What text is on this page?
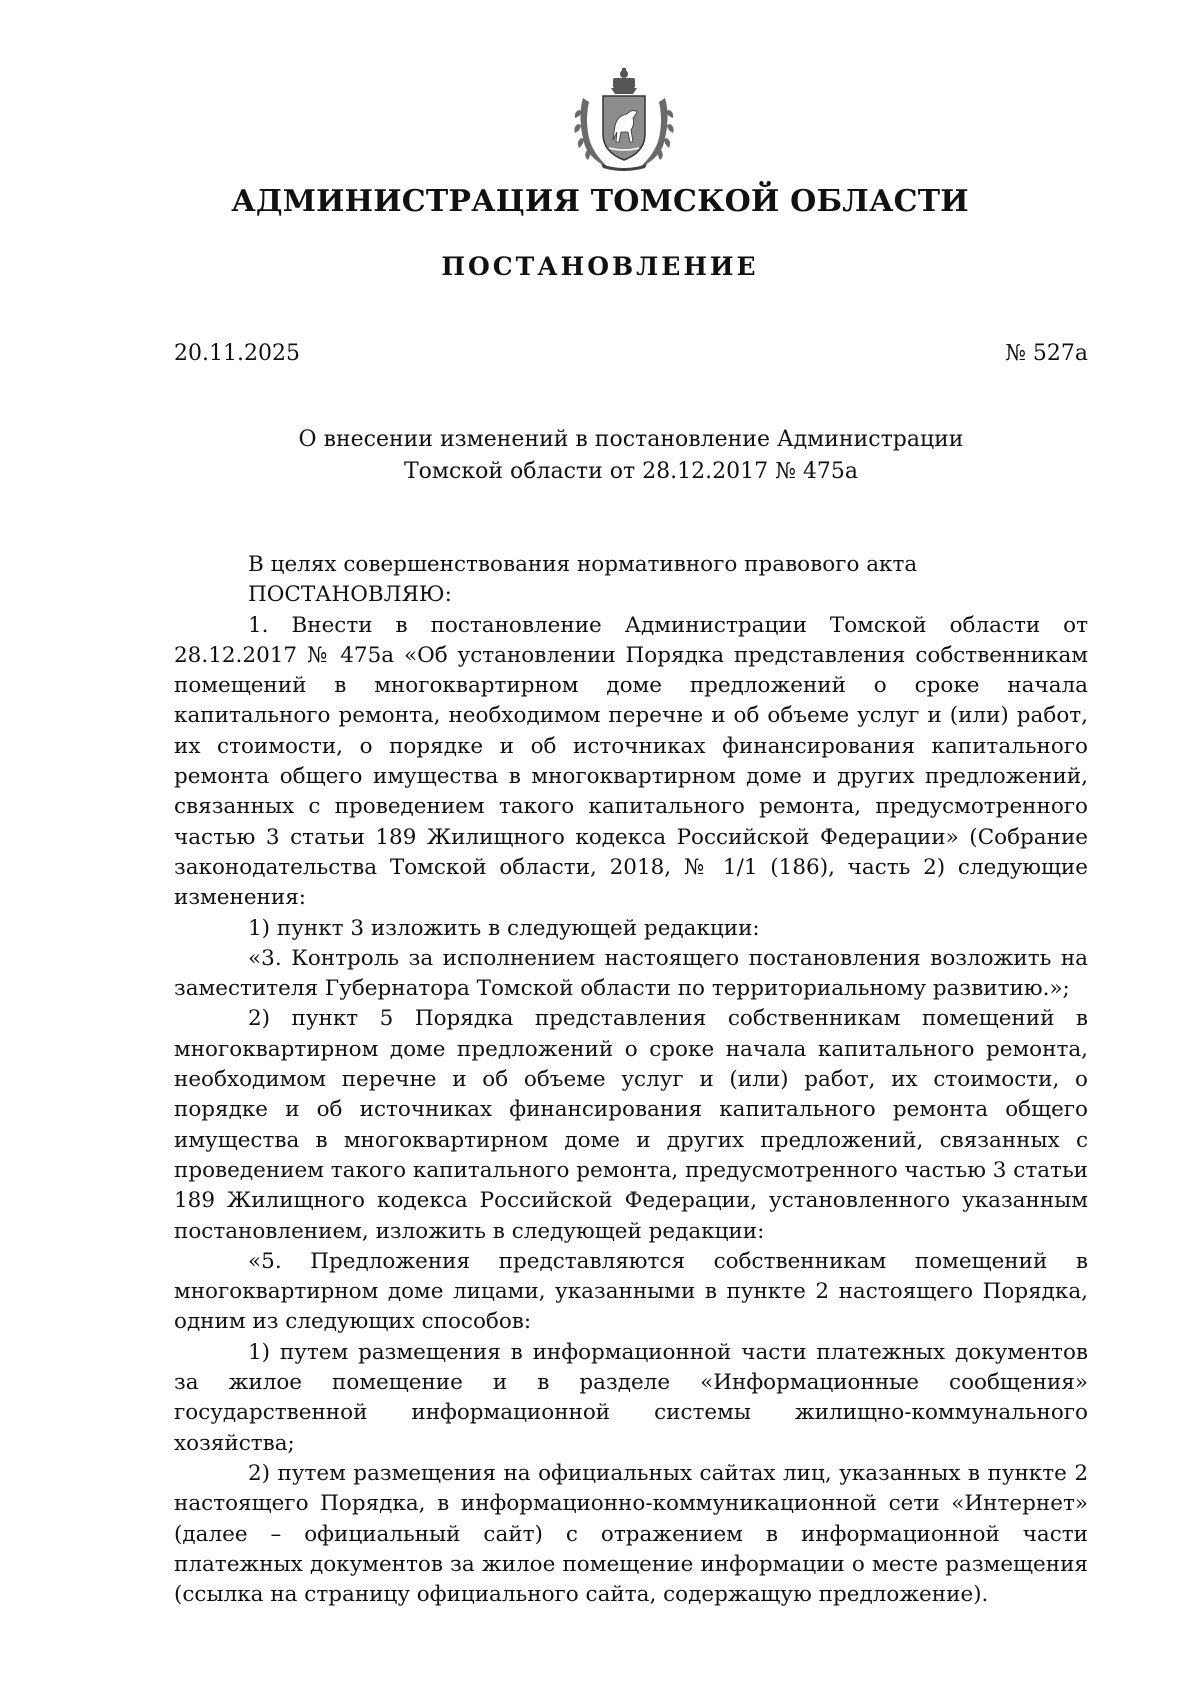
АДМИНИСТРАЦИЯ ТОМСКОЙ ОБЛАСТИ
ПОСТАНОВЛЕНИЕ
20.11.2025	№ 527а
О внесении изменений в постановление Администрации
Томской области от 28.12.2017 № 475а

В целях совершенствования нормативного правового акта

ПОСТАНОВЛЯЮ:

1. Внести в постановление Администрации Томской области от 28.12.2017 № 475а «Об установлении Порядка представления собственникам помещений в многоквартирном доме предложений о сроке начала капитального ремонта, необходимом перечне и об объеме услуг и (или) работ, их стоимости, о порядке и об источниках финансирования капитального ремонта общего имущества в многоквартирном доме и других предложений, связанных с проведением такого капитального ремонта, предусмотренного частью 3 статьи 189 Жилищного кодекса Российской Федерации» (Собрание законодательства Томской области, 2018, № 1/1 (186), часть 2) следующие изменения:

1) пункт 3 изложить в следующей редакции:

«3. Контроль за исполнением настоящего постановления возложить на заместителя Губернатора Томской области по территориальному развитию.»;

2) пункт 5 Порядка представления собственникам помещений в многоквартирном доме предложений о сроке начала капитального ремонта, необходимом перечне и об объеме услуг и (или) работ, их стоимости, о порядке и об источниках финансирования капитального ремонта общего имущества в многоквартирном доме и других предложений, связанных с проведением такого капитального ремонта, предусмотренного частью 3 статьи 189 Жилищного кодекса Российской Федерации, установленного указанным постановлением, изложить в следующей редакции:

«5. Предложения представляются собственникам помещений в многоквартирном доме лицами, указанными в пункте 2 настоящего Порядка, одним из следующих способов:

1) путем размещения в информационной части платежных документов за жилое помещение и в разделе «Информационные сообщения» государственной информационной системы жилищно-коммунального хозяйства;

2) путем размещения на официальных сайтах лиц, указанных в пункте 2 настоящего Порядка, в информационно-коммуникационной сети «Интернет» (далее – официальный сайт) с отражением в информационной части платежных документов за жилое помещение информации о месте размещения (ссылка на страницу официального сайта, содержащую предложение).
